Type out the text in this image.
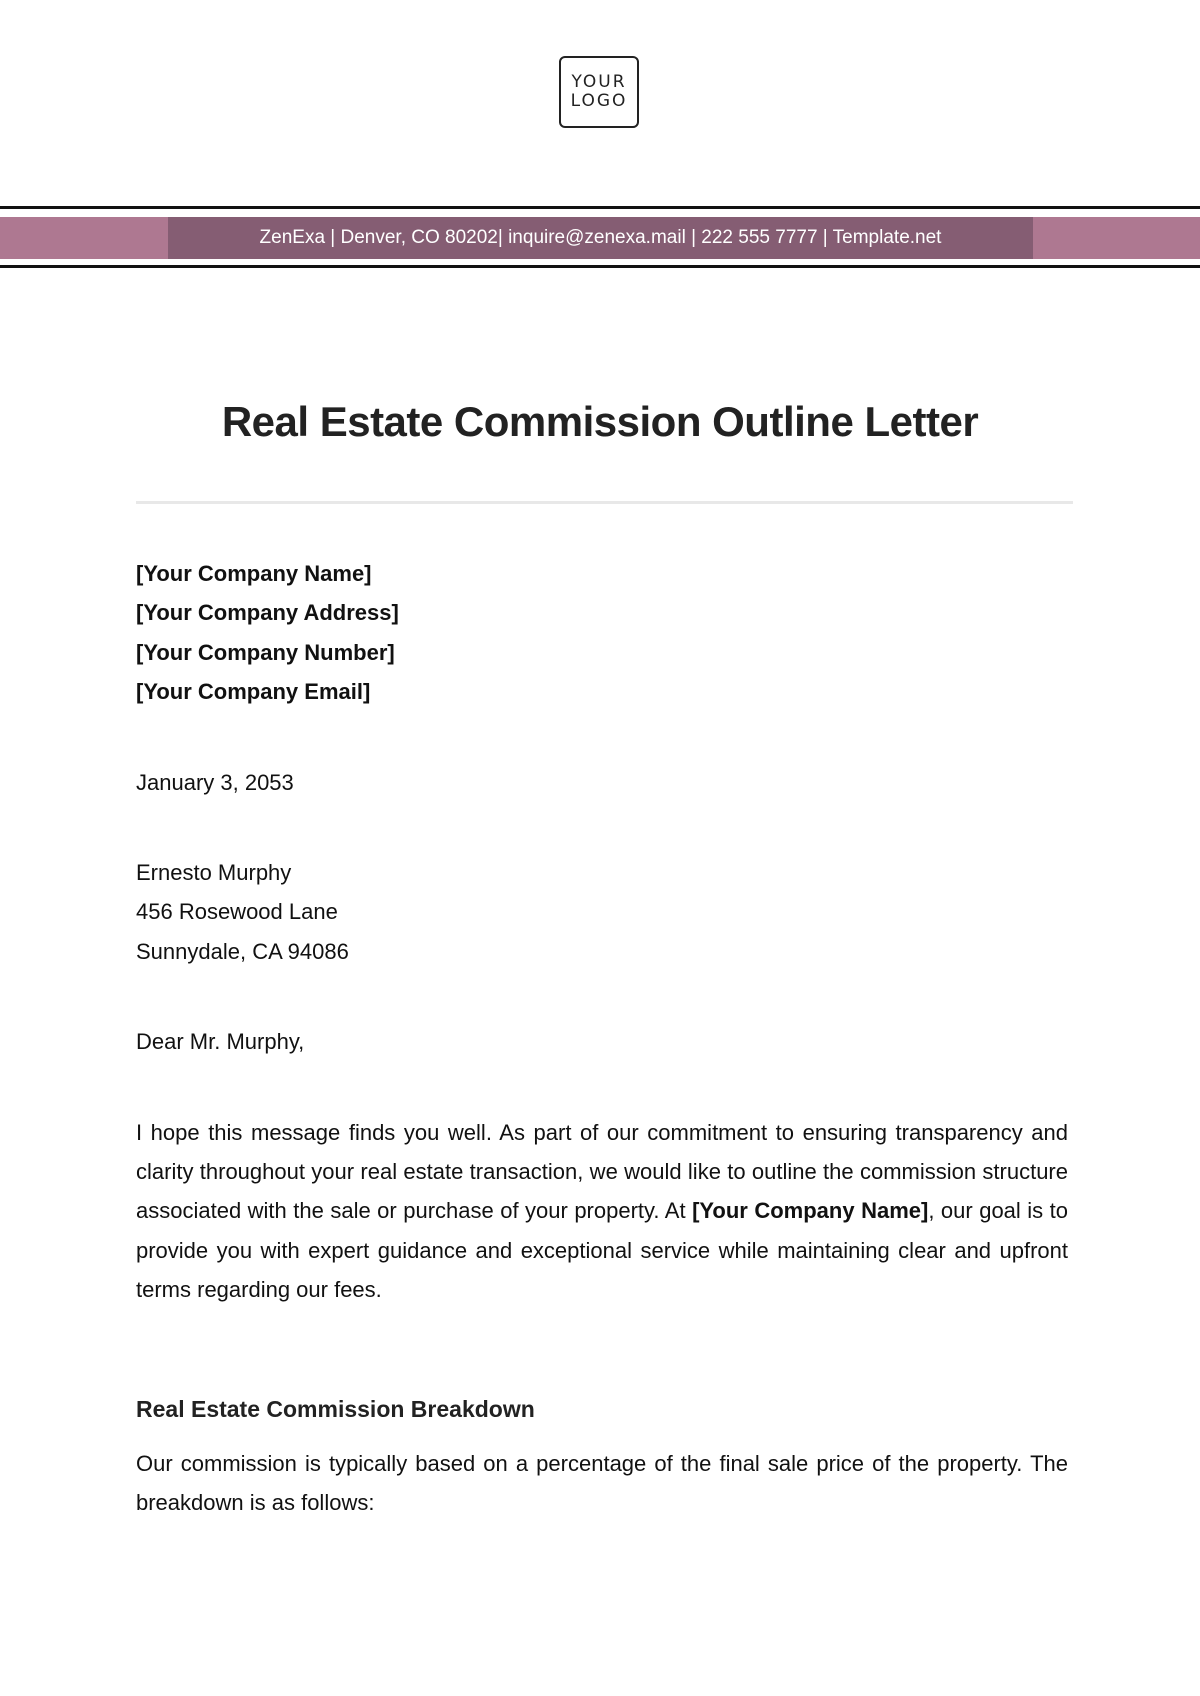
YOUR
LOGO
ZenExa | Denver, CO 80202| inquire@zenexa.mail | 222 555 7777 | Template.net
Real Estate Commission Outline Letter
[Your Company Name]
[Your Company Address]
[Your Company Number]
[Your Company Email]
January 3, 2053
Ernesto Murphy
456 Rosewood Lane
Sunnydale, CA 94086
Dear Mr. Murphy,

I hope this message finds you well. As part of our commitment to ensuring transparency and clarity throughout your real estate transaction, we would like to outline the commission structure associated with the sale or purchase of your property. At [Your Company Name], our goal is to provide you with expert guidance and exceptional service while maintaining clear and upfront terms regarding our fees.

Real Estate Commission Breakdown

Our commission is typically based on a percentage of the final sale price of the property. The breakdown is as follows:
